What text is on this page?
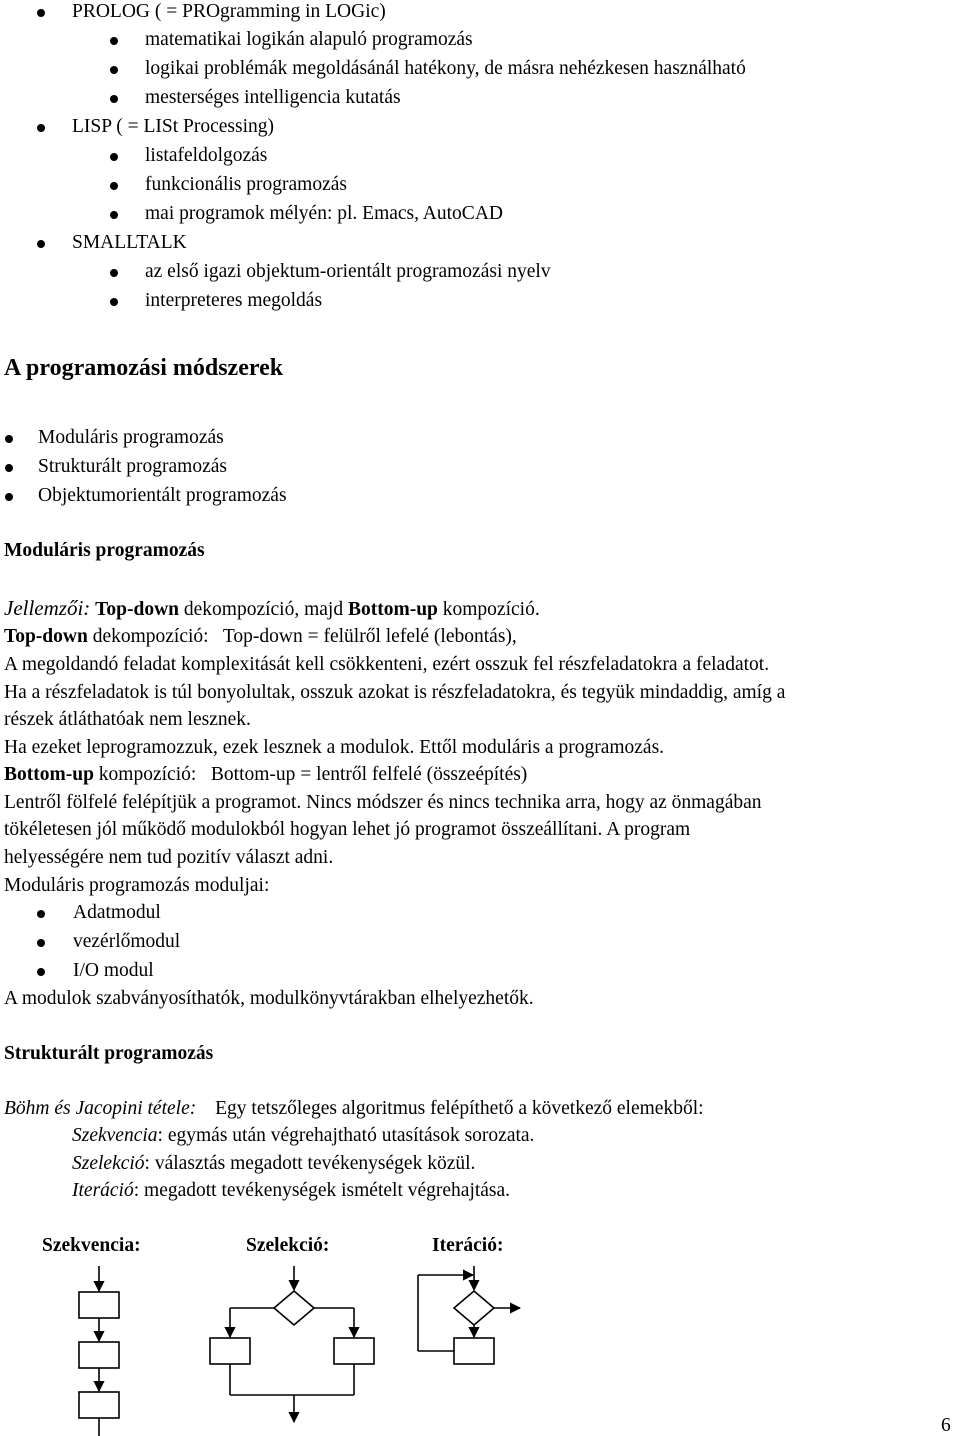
PROLOG ( = PROgramming in LOGic)
matematikai logikán alapuló programozás
logikai problémák megoldásánál hatékony, de másra nehézkesen használható
mesterséges intelligencia kutatás
LISP ( = LISt Processing)
listafeldolgozás
funkcionális programozás
mai programok mélyén: pl. Emacs, AutoCAD
SMALLTALK
az első igazi objektum-orientált programozási nyelv
interpreteres megoldás
A programozási módszerek
Moduláris programozás
Strukturált programozás
Objektumorientált programozás
Moduláris programozás
Jellemzői: Top-down dekompozíció, majd Bottom-up kompozíció.
Top-down dekompozíció:   Top-down = felülről lefelé (lebontás),
A megoldandó feladat komplexitását kell csökkenteni, ezért osszuk fel részfeladatokra a feladatot.
Ha a részfeladatok is túl bonyolultak, osszuk azokat is részfeladatokra, és tegyük mindaddig, amíg a
részek átláthatóak nem lesznek.
Ha ezeket leprogramozzuk, ezek lesznek a modulok. Ettől moduláris a programozás.
Bottom-up kompozíció:   Bottom-up = lentről felfelé (összeépítés)
Lentről fölfelé felépítjük a programot. Nincs módszer és nincs technika arra, hogy az önmagában
tökéletesen jól működő modulokból hogyan lehet jó programot összeállítani. A program
helyességére nem tud pozitív választ adni.
Moduláris programozás moduljai:
Adatmodul
vezérlőmodul
I/O modul
A modulok szabványosíthatók, modulkönyvtárakban elhelyezhetők.
Strukturált programozás
Böhm és Jacopini tétele: Egy tetszőleges algoritmus felépíthető a következő elemekből:
Szekvencia: egymás után végrehajtható utasítások sorozata.
Szelekció: választás megadott tevékenységek közül.
Iteráció: megadott tevékenységek ismételt végrehajtása.
Szekvencia:	Szelekció:	Iteráció:
6
